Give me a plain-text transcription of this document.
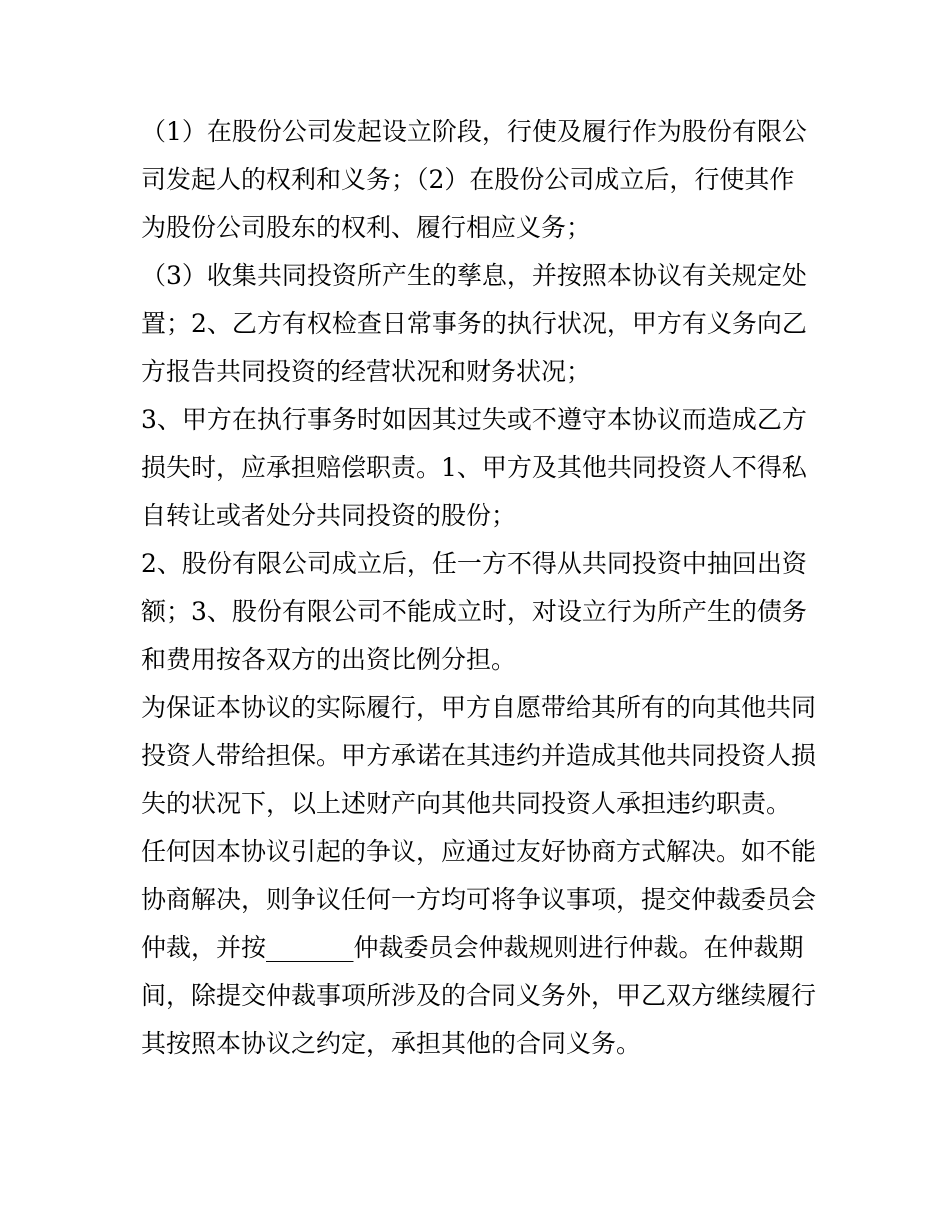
（1）在股份公司发起设立阶段，行使及履行作为股份有限公
司发起人的权利和义务；（2）在股份公司成立后，行使其作
为股份公司股东的权利、履行相应义务；
（3）收集共同投资所产生的孳息，并按照本协议有关规定处
置；2、乙方有权检查日常事务的执行状况，甲方有义务向乙
方报告共同投资的经营状况和财务状况；
3、甲方在执行事务时如因其过失或不遵守本协议而造成乙方
损失时，应承担赔偿职责。1、甲方及其他共同投资人不得私
自转让或者处分共同投资的股份；
2、股份有限公司成立后，任一方不得从共同投资中抽回出资
额；3、股份有限公司不能成立时，对设立行为所产生的债务
和费用按各双方的出资比例分担。
为保证本协议的实际履行，甲方自愿带给其所有的向其他共同
投资人带给担保。甲方承诺在其违约并造成其他共同投资人损
失的状况下，以上述财产向其他共同投资人承担违约职责。
任何因本协议引起的争议，应通过友好协商方式解决。如不能
协商解决，则争议任何一方均可将争议事项，提交仲裁委员会
仲裁，并按_______仲裁委员会仲裁规则进行仲裁。在仲裁期
间，除提交仲裁事项所涉及的合同义务外，甲乙双方继续履行
其按照本协议之约定，承担其他的合同义务。
